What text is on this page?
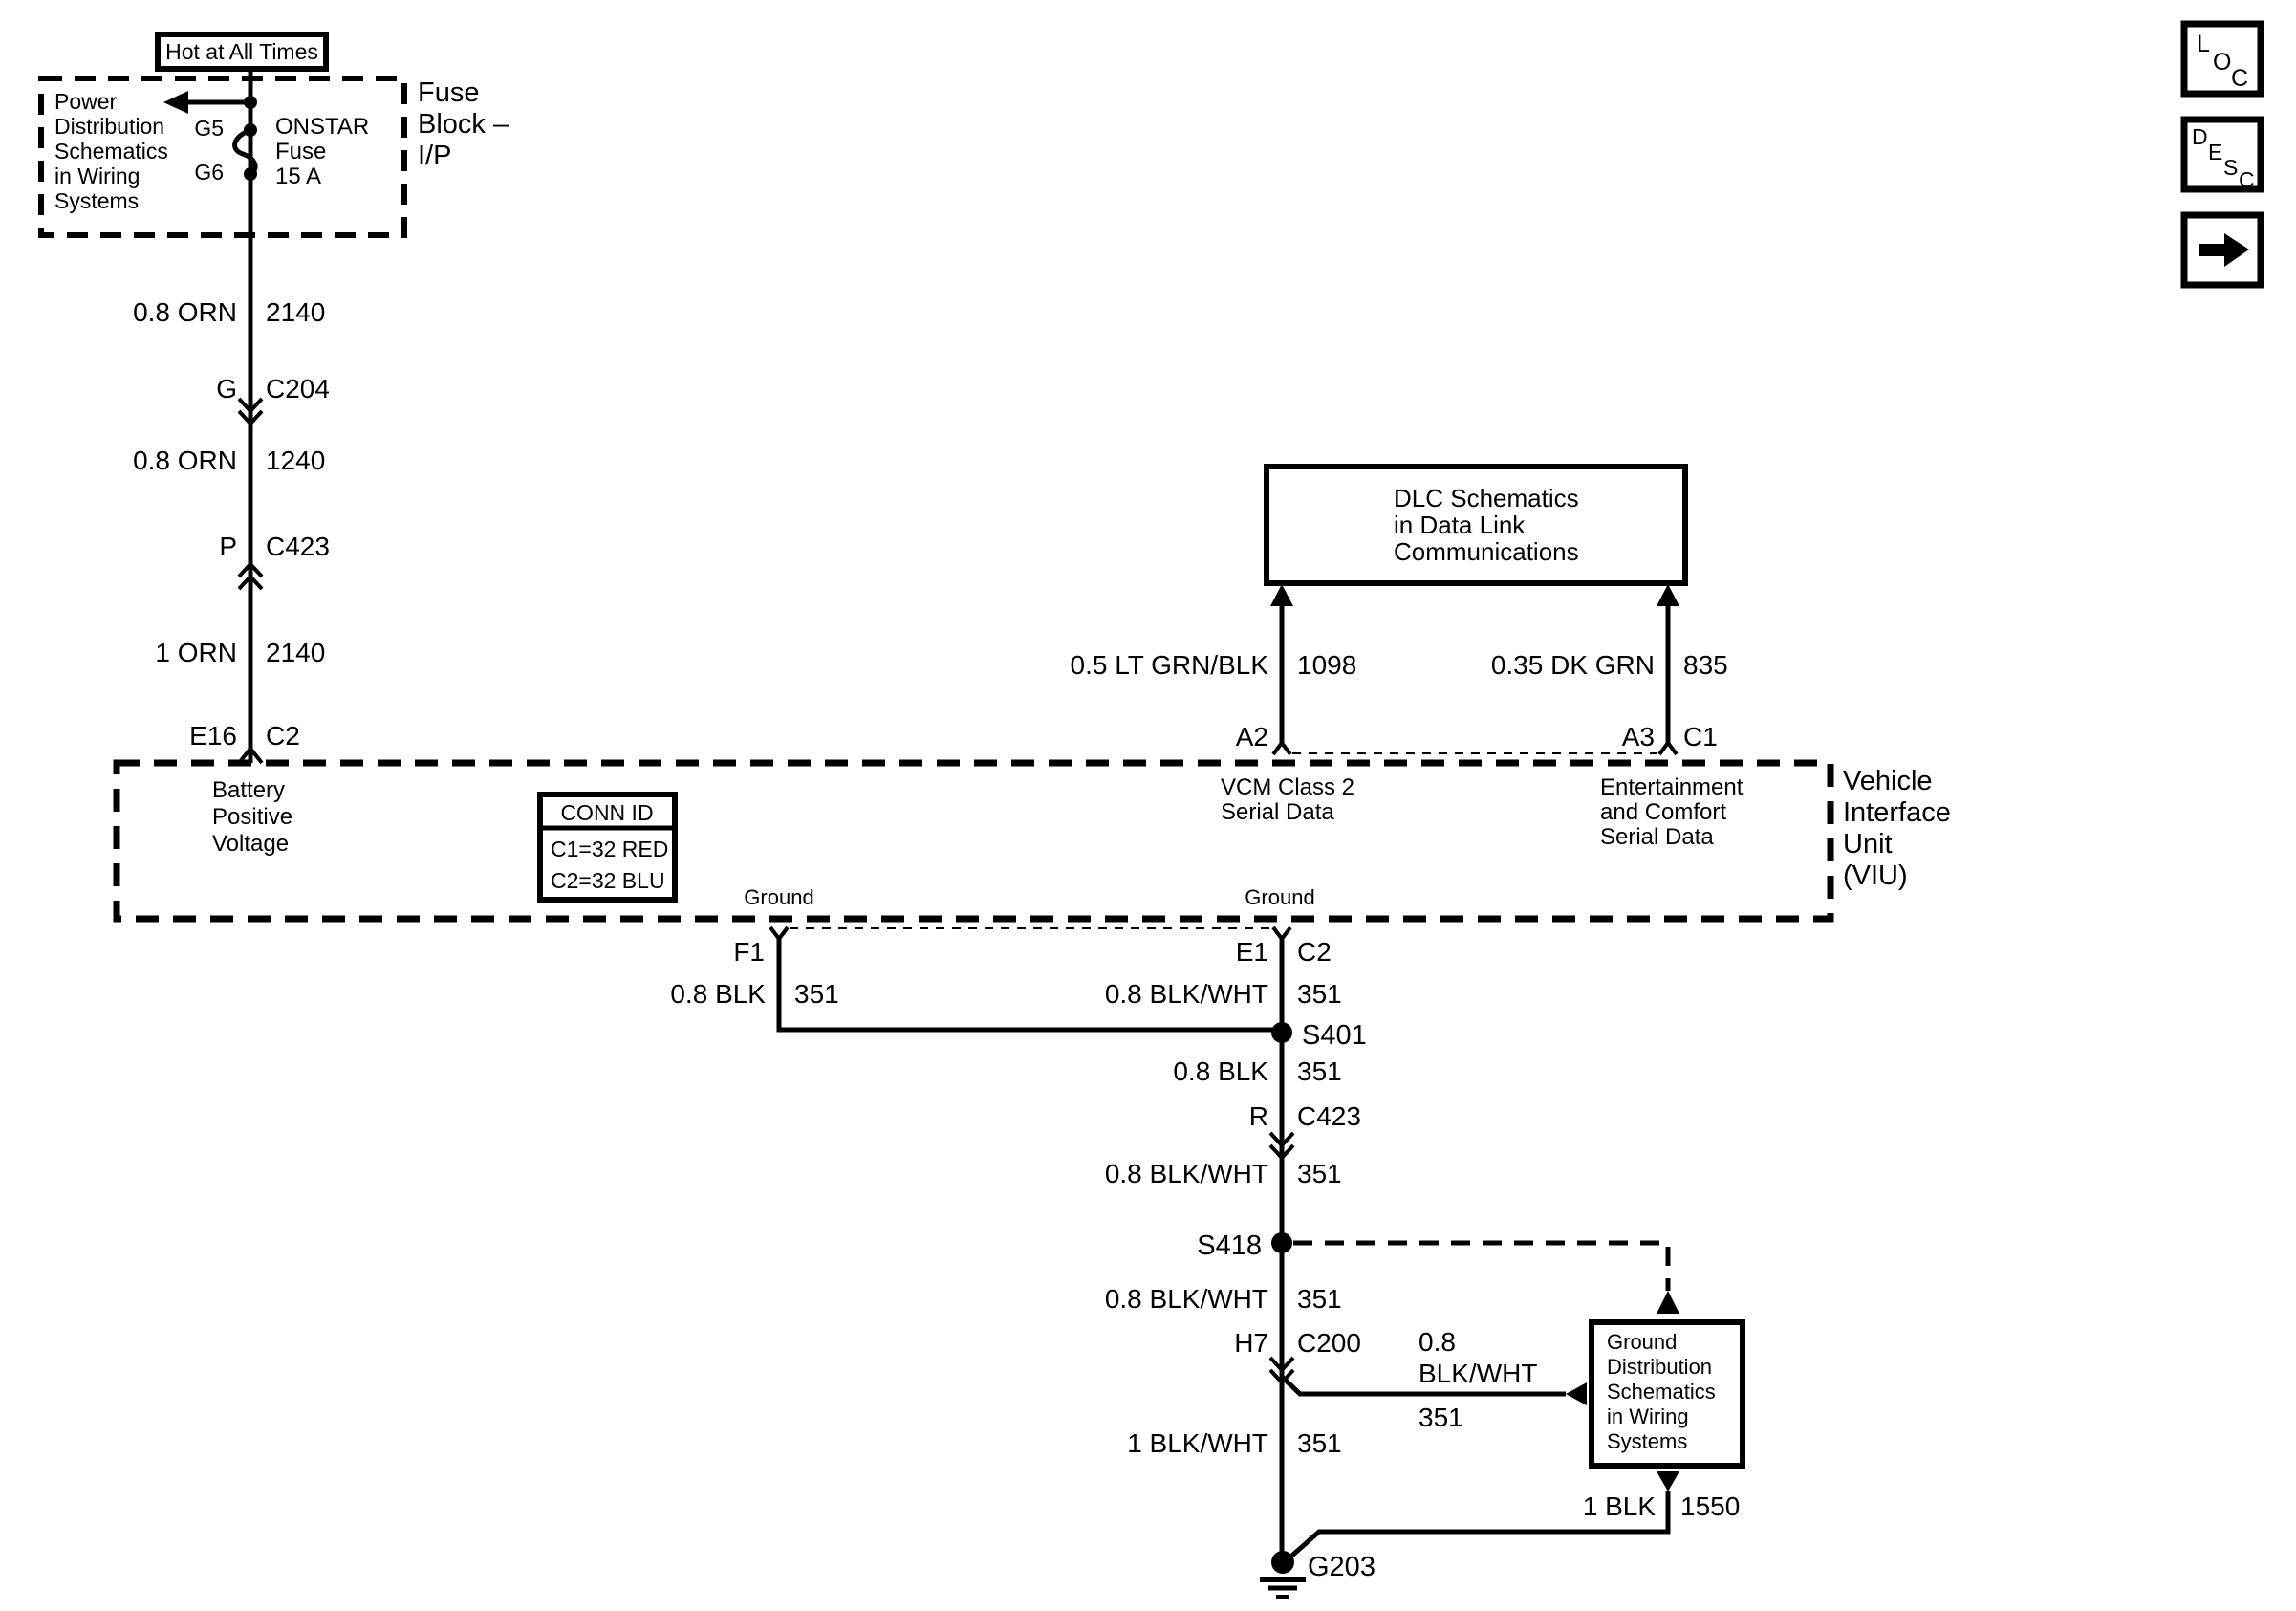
Hot at All Times
Power
Distribution
Schematics
in Wiring
Systems
G5
G6
ONSTAR
Fuse
15 A
Fuse
Block –
I/P
0.8 ORN 2140
G C204
0.8 ORN 1240
P C423
1 ORN 2140
E16 C2
DLC Schematics
in Data Link
Communications
0.5 LT GRN/BLK 1098	0.35 DK GRN 835
A2	A3 C1
Battery
Positive
Voltage
CONN ID
C1=32 RED
C2=32 BLU
VCM Class 2
Serial Data
Entertainment
and Comfort
Serial Data
Vehicle
Interface
Unit
(VIU)
Ground	Ground
F1	E1 C2
0.8 BLK 351	0.8 BLK/WHT 351
S401
0.8 BLK 351
R C423
0.8 BLK/WHT 351
S418
0.8 BLK/WHT 351
H7 C200 0.8
BLK/WHT
351
1 BLK/WHT 351
Ground
Distribution
Schematics
in Wiring
Systems
1 BLK 1550
G203
L
O
C
D
E
S C
